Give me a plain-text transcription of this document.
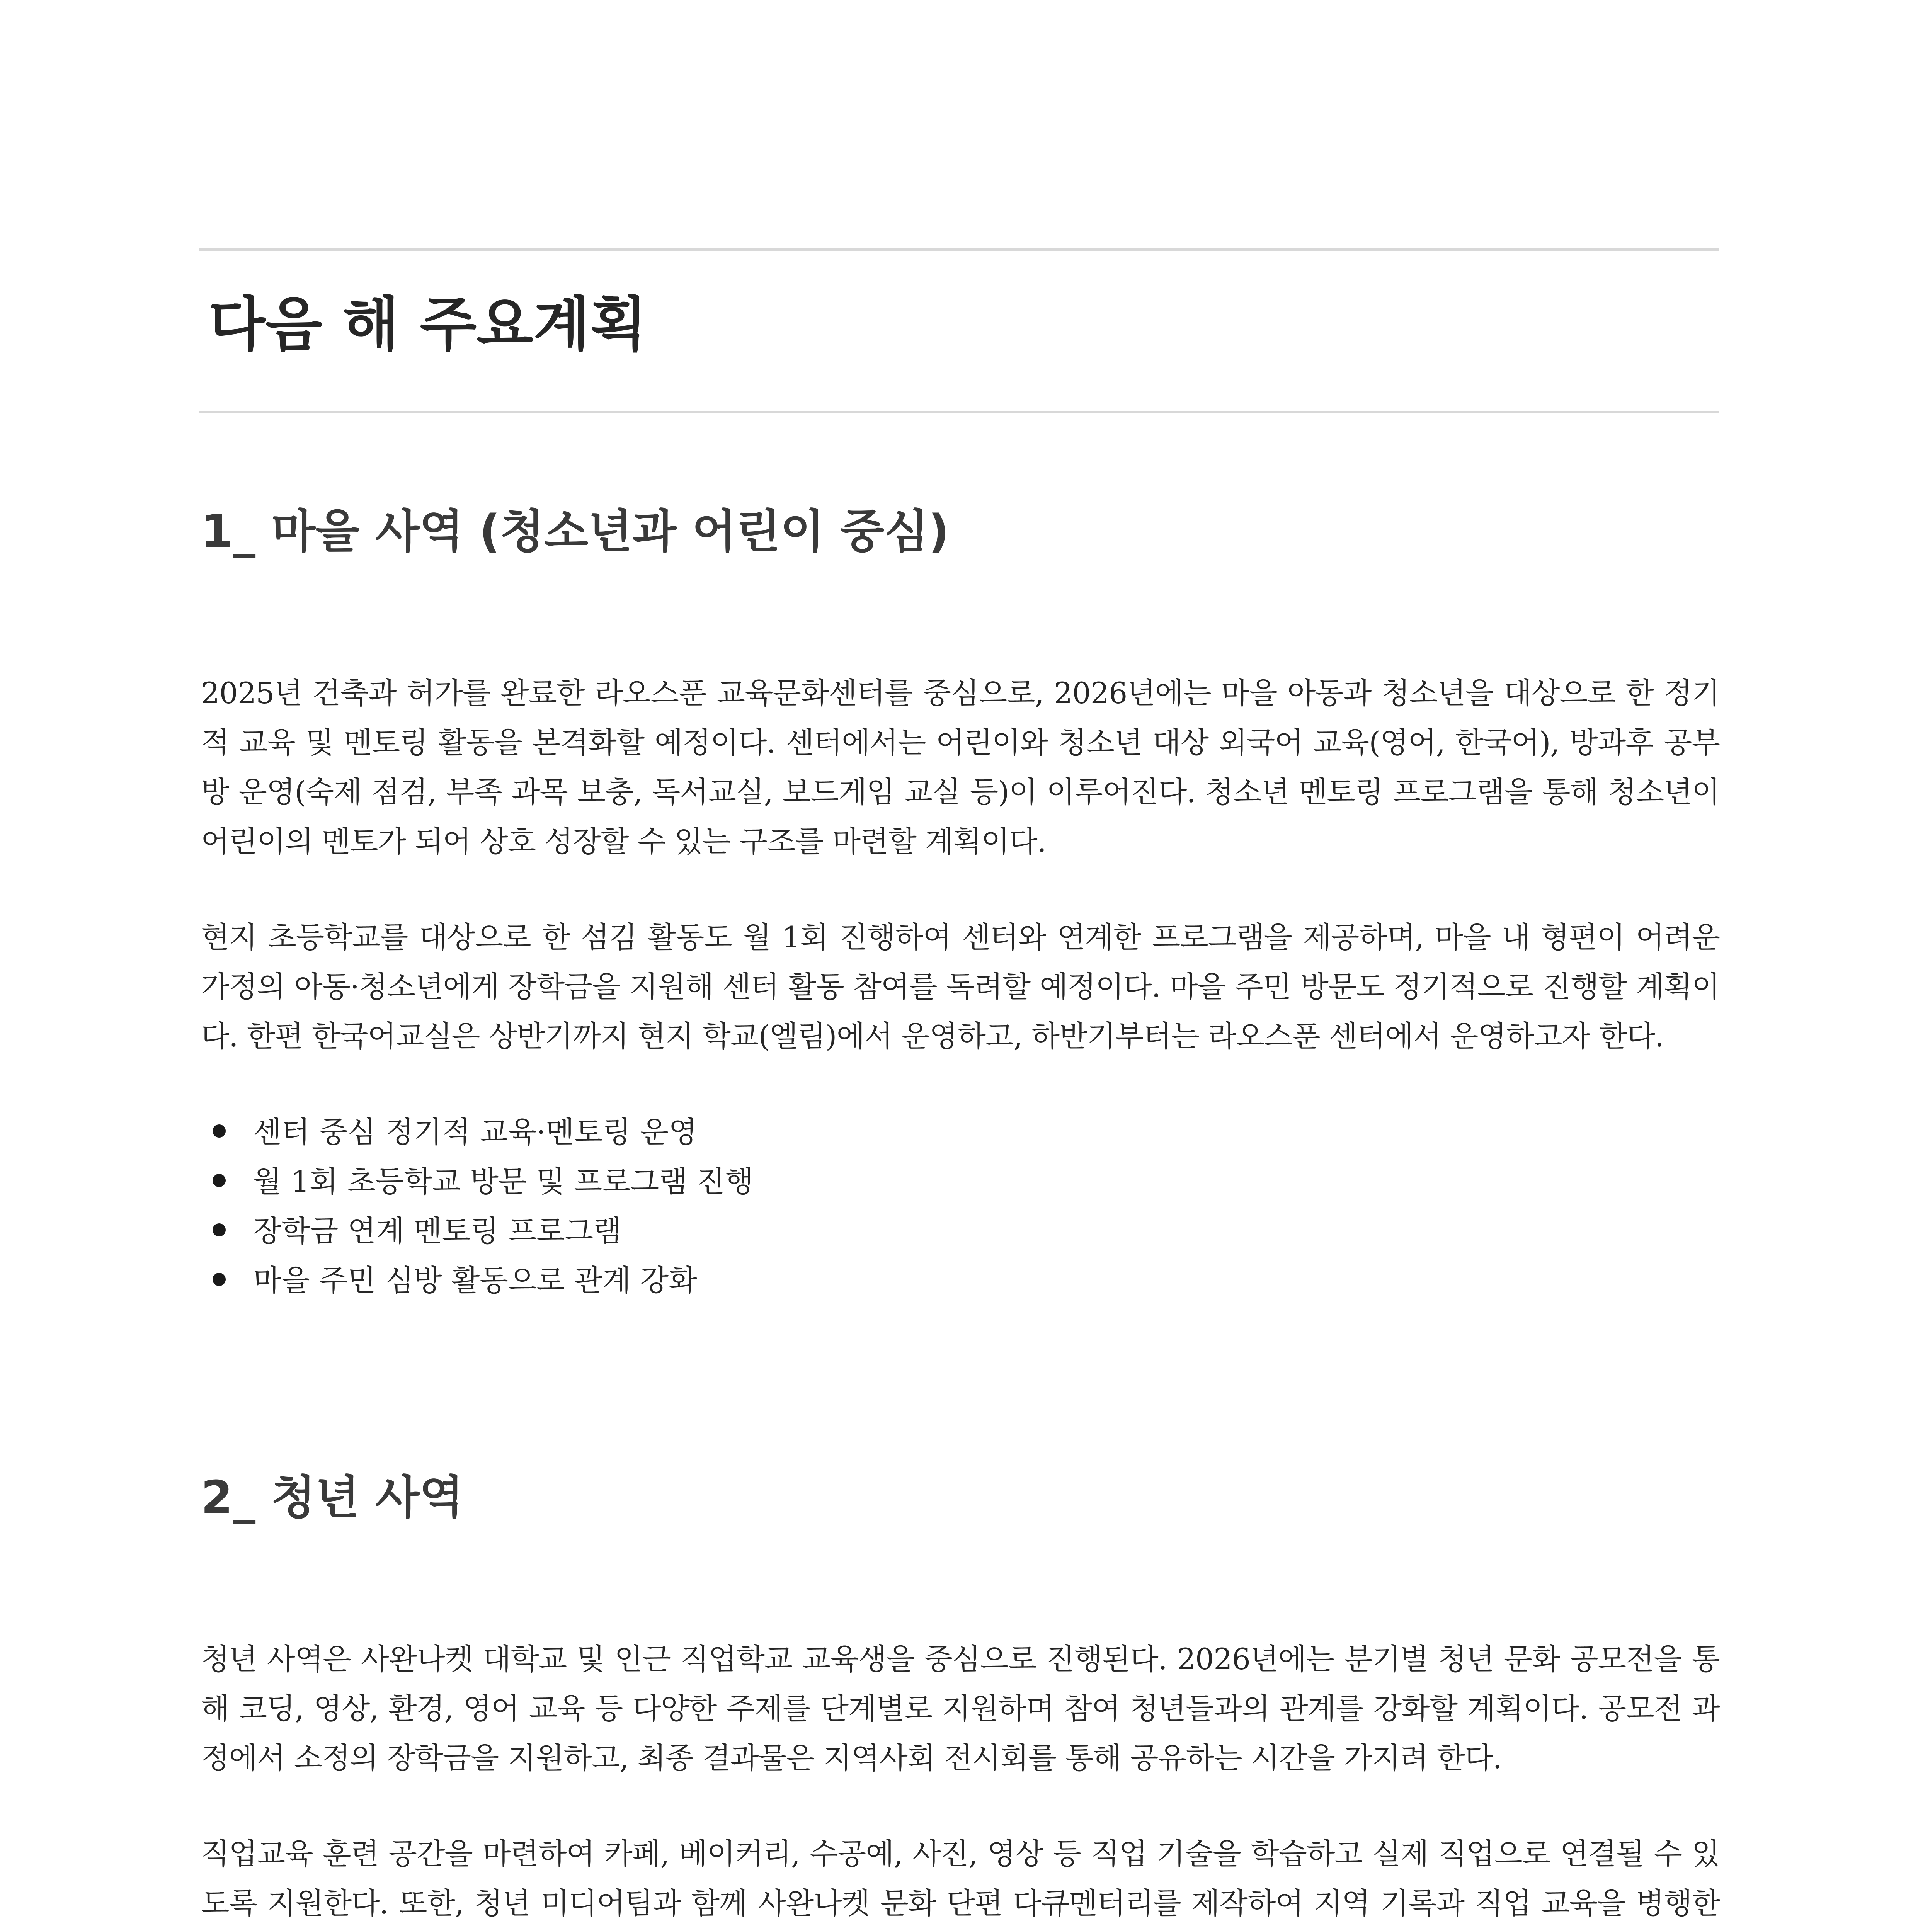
다음 해 주요계획
1_ 마을 사역 (청소년과 어린이 중심)

2025년 건축과 허가를 완료한 라오스푼 교육문화센터를 중심으로, 2026년에는 마을 아동과 청소년을 대상으로 한 정기적 교육 및 멘토링 활동을 본격화할 예정이다. 센터에서는 어린이와 청소년 대상 외국어 교육(영어, 한국어), 방과후 공부방 운영(숙제 점검, 부족 과목 보충, 독서교실, 보드게임 교실 등)이 이루어진다. 청소년 멘토링 프로그램을 통해 청소년이 어린이의 멘토가 되어 상호 성장할 수 있는 구조를 마련할 계획이다.

현지 초등학교를 대상으로 한 섬김 활동도 월 1회 진행하여 센터와 연계한 프로그램을 제공하며, 마을 내 형편이 어려운 가정의 아동·청소년에게 장학금을 지원해 센터 활동 참여를 독려할 예정이다. 마을 주민 방문도 정기적으로 진행할 계획이다. 한편 한국어교실은 상반기까지 현지 학교(엘림)에서 운영하고, 하반기부터는 라오스푼 센터에서 운영하고자 한다.

센터 중심 정기적 교육·멘토링 운영
월 1회 초등학교 방문 및 프로그램 진행
장학금 연계 멘토링 프로그램
마을 주민 심방 활동으로 관계 강화
2_ 청년 사역

청년 사역은 사완나켓 대학교 및 인근 직업학교 교육생을 중심으로 진행된다. 2026년에는 분기별 청년 문화 공모전을 통해 코딩, 영상, 환경, 영어 교육 등 다양한 주제를 단계별로 지원하며 참여 청년들과의 관계를 강화할 계획이다. 공모전 과정에서 소정의 장학금을 지원하고, 최종 결과물은 지역사회 전시회를 통해 공유하는 시간을 가지려 한다.

직업교육 훈련 공간을 마련하여 카페, 베이커리, 수공예, 사진, 영상 등 직업 기술을 학습하고 실제 직업으로 연결될 수 있도록 지원한다. 또한, 청년 미디어팀과 함께 사완나켓 문화 단편 다큐멘터리를 제작하여 지역 기록과 직업 교육을 병행한
